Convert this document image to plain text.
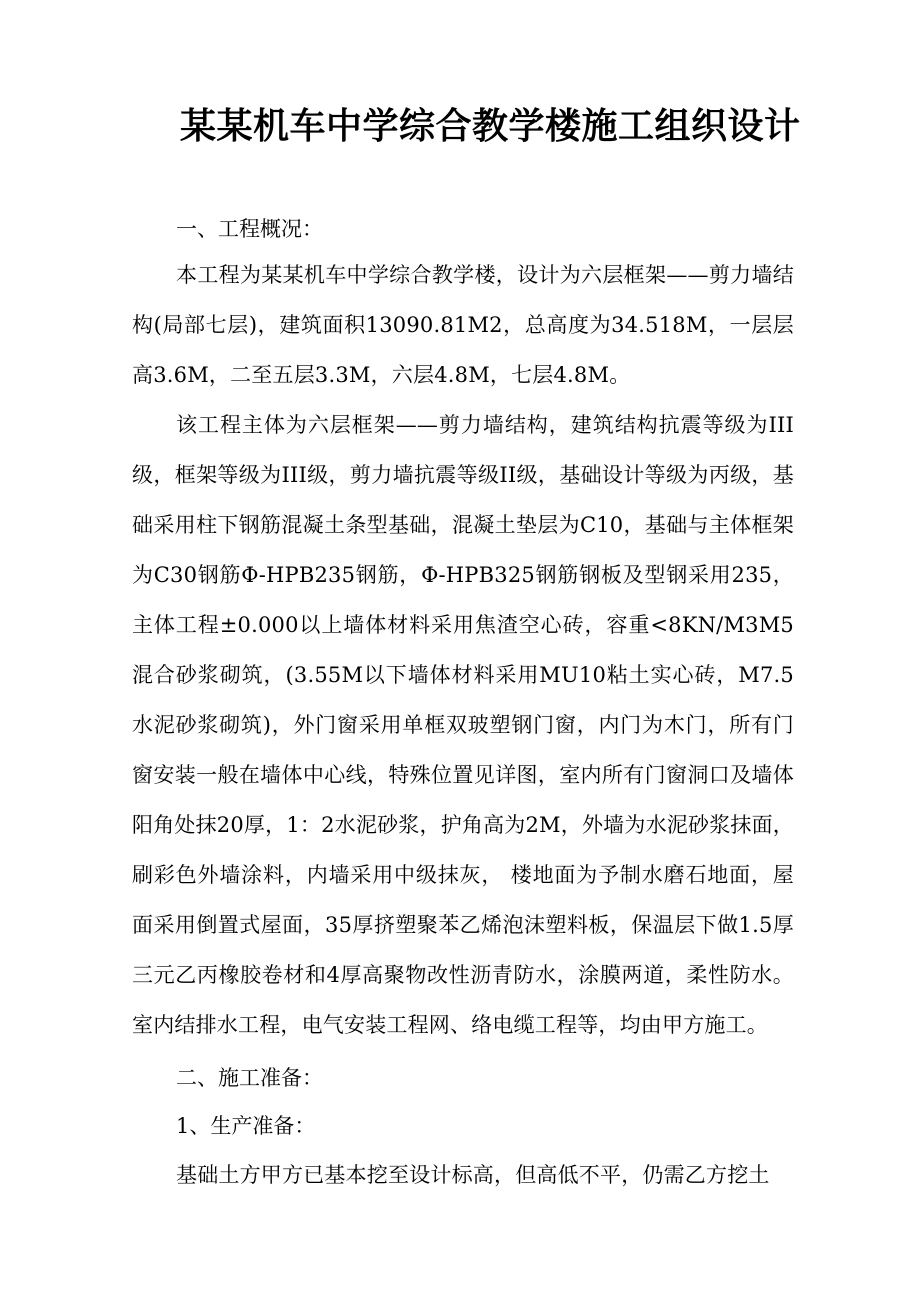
某某机车中学综合教学楼施工组织设计
一、工程概况：
本工程为某某机车中学综合教学楼，设计为六层框架——剪力墙结构(局部七层)，建筑面积13090.81M2，总高度为34.518M，一层层高3.6M，二至五层3.3M，六层4.8M，七层4.8M。
该工程主体为六层框架——剪力墙结构，建筑结构抗震等级为III级，框架等级为III级，剪力墙抗震等级II级，基础设计等级为丙级，基础采用柱下钢筋混凝土条型基础，混凝土垫层为C10，基础与主体框架为C30钢筋Φ-HPB235钢筋，Φ-HPB325钢筋钢板及型钢采用235，主体工程±0.000以上墙体材料采用焦渣空心砖，容重<8KN/M3M5混合砂浆砌筑，(3.55M以下墙体材料采用MU10粘土实心砖，M7.5水泥砂浆砌筑)，外门窗采用单框双玻塑钢门窗，内门为木门，所有门窗安装一般在墙体中心线，特殊位置见详图，室内所有门窗洞口及墙体阳角处抹20厚，1：2水泥砂浆，护角高为2M，外墙为水泥砂浆抹面，刷彩色外墙涂料，内墙采用中级抹灰， 楼地面为予制水磨石地面，屋面采用倒置式屋面，35厚挤塑聚苯乙烯泡沫塑料板，保温层下做1.5厚三元乙丙橡胶卷材和4厚高聚物改性沥青防水，涂膜两道，柔性防水。室内结排水工程，电气安装工程网、络电缆工程等，均由甲方施工。
二、施工准备：
1、生产准备：
基础土方甲方已基本挖至设计标高，但高低不平，仍需乙方挖土
